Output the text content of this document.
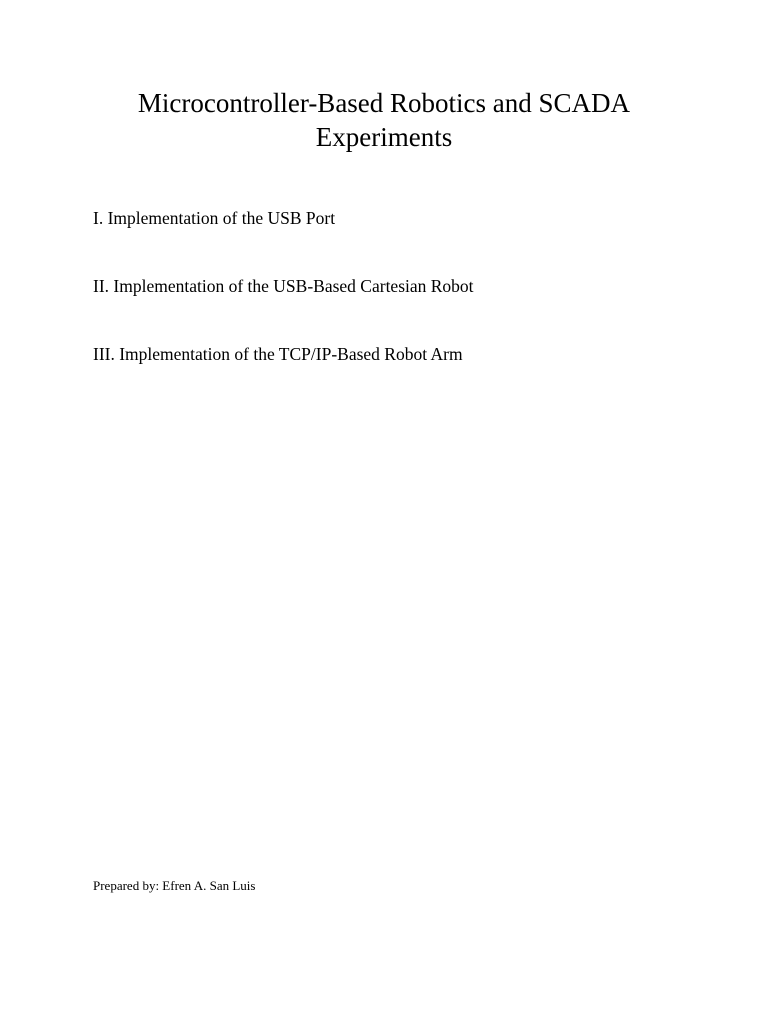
Microcontroller-Based Robotics and SCADA
Experiments

I. Implementation of the USB Port

II. Implementation of the USB-Based Cartesian Robot

III. Implementation of the TCP/IP-Based Robot Arm

Prepared by: Efren A. San Luis
